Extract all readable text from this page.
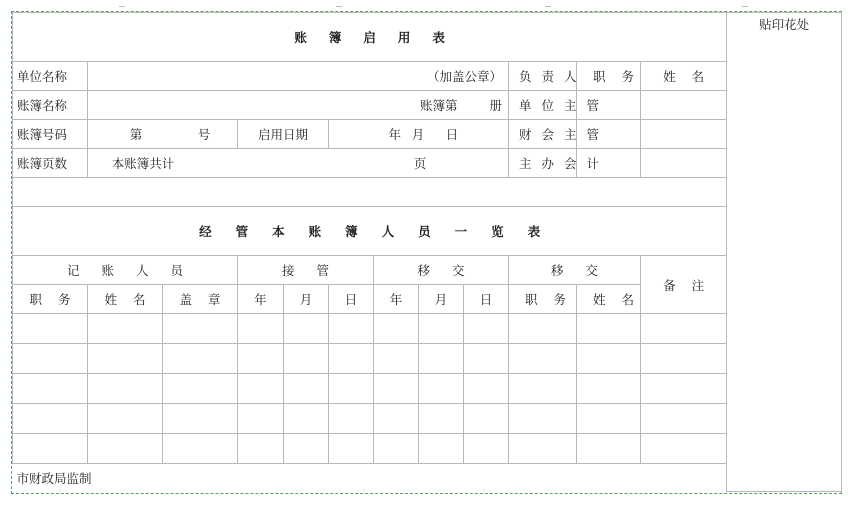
账簿启用表												贴印花处
单位名称	（加盖公章）								负责人	职务	姓名	
账簿名称	账簿第							册	单位主管			
账簿号码	第 号		启用日期		年 月 日				财会主管			
账簿页数	本账簿共计 页								主办会计			

经管本账簿人员一览表												
记账人员			接管			移交			移交		备注	
职务	姓名	盖章	年	月	日	年	月	日	职务	姓名		

市财政局监制												
